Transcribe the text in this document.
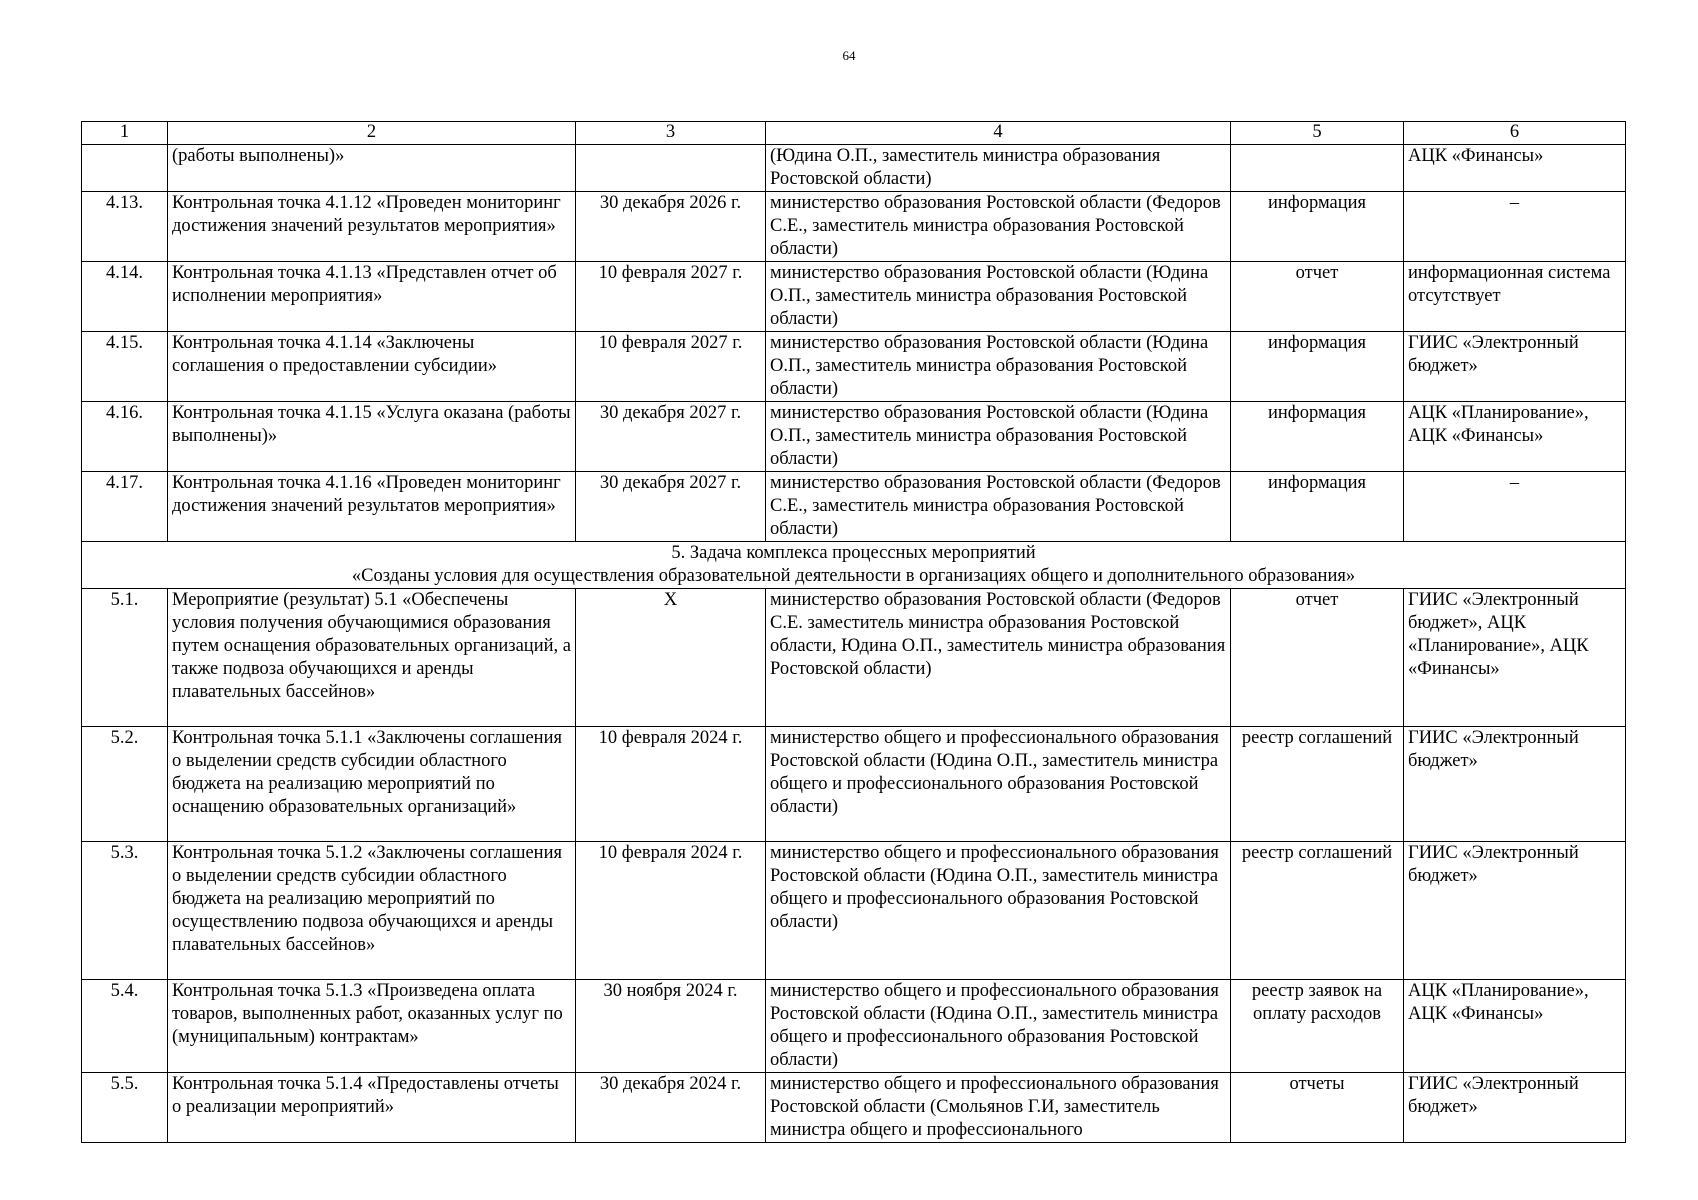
64
1	2	3	4	5	6
	(работы выполнены)»		(Юдина О.П., заместитель министра образования Ростовской области)		АЦК «Финансы»
4.13.	Контрольная точка 4.1.12 «Проведен мониторинг достижения значений результатов мероприятия»	30 декабря 2026 г.	министерство образования Ростовской области (Федоров С.Е., заместитель министра образования Ростовской области)	информация	–
4.14.	Контрольная точка 4.1.13 «Представлен отчет об исполнении мероприятия»	10 февраля 2027 г.	министерство образования Ростовской области (Юдина О.П., заместитель министра образования Ростовской области)	отчет	информационная система отсутствует
4.15.	Контрольная точка 4.1.14 «Заключены соглашения о предоставлении субсидии»	10 февраля 2027 г.	министерство образования Ростовской области (Юдина О.П., заместитель министра образования Ростовской области)	информация	ГИИС «Электронный бюджет»
4.16.	Контрольная точка 4.1.15 «Услуга оказана (работы выполнены)»	30 декабря 2027 г.	министерство образования Ростовской области (Юдина О.П., заместитель министра образования Ростовской области)	информация	АЦК «Планирование», АЦК «Финансы»
4.17.	Контрольная точка 4.1.16 «Проведен мониторинг достижения значений результатов мероприятия»	30 декабря 2027 г.	министерство образования Ростовской области (Федоров С.Е., заместитель министра образования Ростовской области)	информация	–

5. Задача комплекса процессных мероприятий
«Созданы условия для осуществления образовательной деятельности в организациях общего и дополнительного образования»					

5.1.	Мероприятие (результат) 5.1 «Обеспечены условия получения обучающимися образования путем оснащения образовательных организаций, а также подвоза обучающихся и аренды плавательных бассейнов»	Х	министерство образования Ростовской области (Федоров С.Е. заместитель министра образования Ростовской области, Юдина О.П., заместитель министра образования Ростовской области)	отчет	ГИИС «Электронный бюджет», АЦК «Планирование», АЦК «Финансы»
5.2.	Контрольная точка 5.1.1 «Заключены соглашения о выделении средств субсидии областного бюджета на реализацию мероприятий по оснащению образовательных организаций»	10 февраля 2024 г.	министерство общего и профессионального образования Ростовской области (Юдина О.П., заместитель министра общего и профессионального образования Ростовской области)	реестр соглашений	ГИИС «Электронный бюджет»
5.3.	Контрольная точка 5.1.2 «Заключены соглашения о выделении средств субсидии областного бюджета на реализацию мероприятий по осуществлению подвоза обучающихся и аренды плавательных бассейнов»	10 февраля 2024 г.	министерство общего и профессионального образования Ростовской области (Юдина О.П., заместитель министра общего и профессионального образования Ростовской области)	реестр соглашений	ГИИС «Электронный бюджет»
5.4.	Контрольная точка 5.1.3 «Произведена оплата товаров, выполненных работ, оказанных услуг по (муниципальным) контрактам»	30 ноября 2024 г.	министерство общего и профессионального образования Ростовской области (Юдина О.П., заместитель министра общего и профессионального образования Ростовской области)	реестр заявок на оплату расходов	АЦК «Планирование», АЦК «Финансы»
5.5.	Контрольная точка 5.1.4 «Предоставлены отчеты о реализации мероприятий»	30 декабря 2024 г.	министерство общего и профессионального образования Ростовской области (Смольянов Г.И, заместитель министра общего и профессионального	отчеты	ГИИС «Электронный бюджет»
